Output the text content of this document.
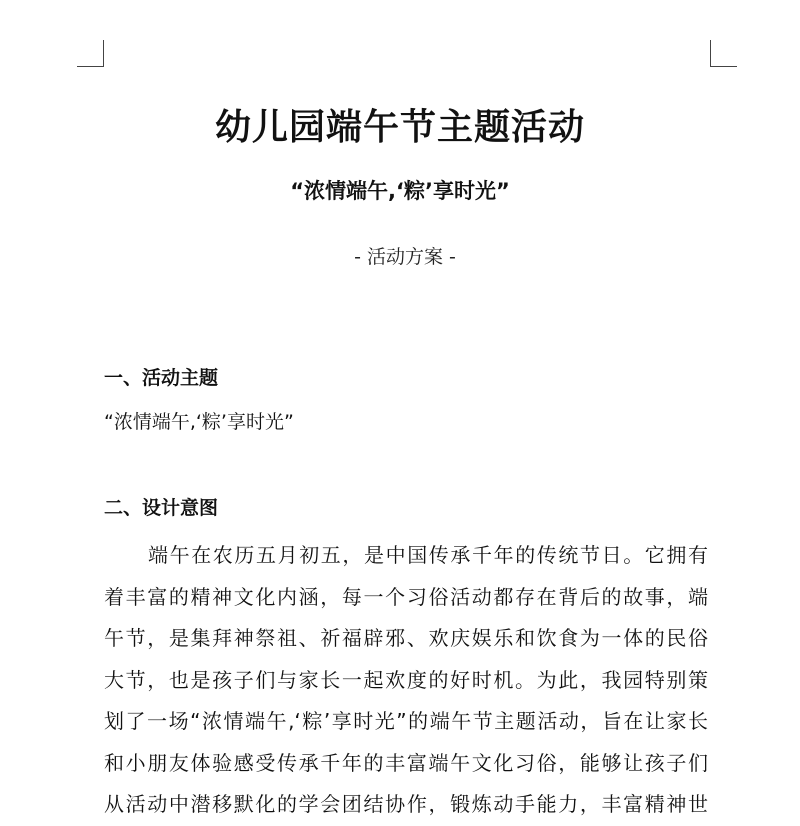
幼儿园端午节主题活动

“浓情端午,‘粽’享时光”

- 活动方案 -

一、活动主题

“浓情端午,‘粽’享时光”

二、设计意图
端午在农历五月初五，是中国传承千年的传统节日。它拥有
着丰富的精神文化内涵，每一个习俗活动都存在背后的故事，端
午节，是集拜神祭祖、祈福辟邪、欢庆娱乐和饮食为一体的民俗
大节，也是孩子们与家长一起欢度的好时机。为此，我园特别策
划了一场“浓情端午,‘粽’享时光”的端午节主题活动，旨在让家长
和小朋友体验感受传承千年的丰富端午文化习俗，能够让孩子们
从活动中潜移默化的学会团结协作，锻炼动手能力，丰富精神世
